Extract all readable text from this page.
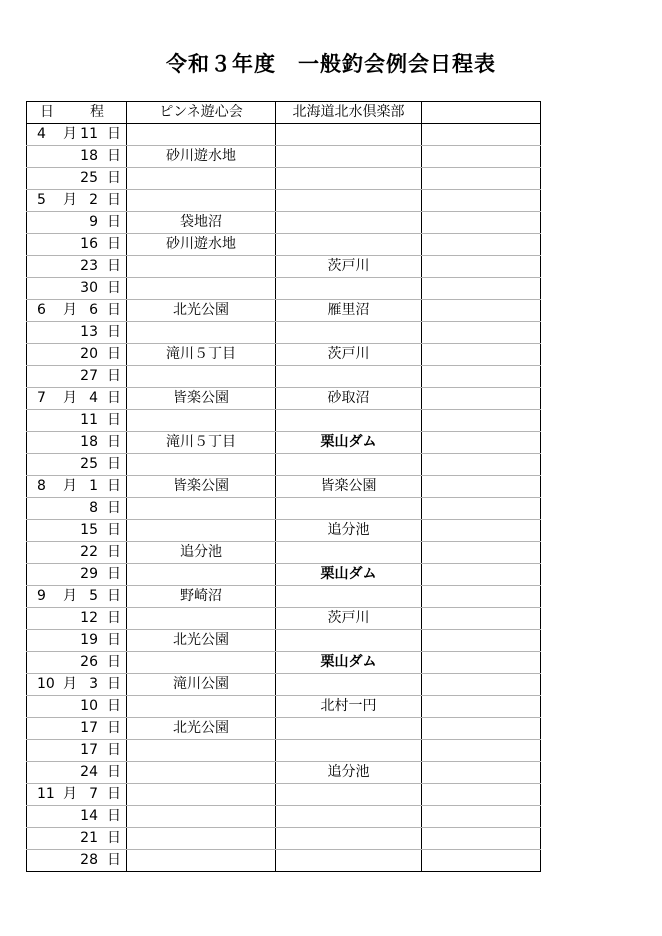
令和３年度　一般釣会例会日程表
日 程	ピンネ遊心会	北海道北水倶楽部	

4 月 11 日			

18 日	砂川遊水地		

25 日			

5 月 2 日			

9 日	袋地沼		

16 日	砂川遊水地		

23 日		茨戸川	

30 日			

6 月 6 日	北光公園	雁里沼	

13 日			

20 日	滝川５丁目	茨戸川	

27 日			

7 月 4 日	皆楽公園	砂取沼	

11 日			

18 日	滝川５丁目	栗山ダム	

25 日			

8 月 1 日	皆楽公園	皆楽公園	

8 日			

15 日		追分池	

22 日	追分池		

29 日		栗山ダム	

9 月 5 日	野崎沼		

12 日		茨戸川	

19 日	北光公園		

26 日		栗山ダム	

10 月 3 日	滝川公園		

10 日		北村一円	

17 日	北光公園		

17 日			

24 日		追分池	

11 月 7 日			

14 日			

21 日			

28 日			
